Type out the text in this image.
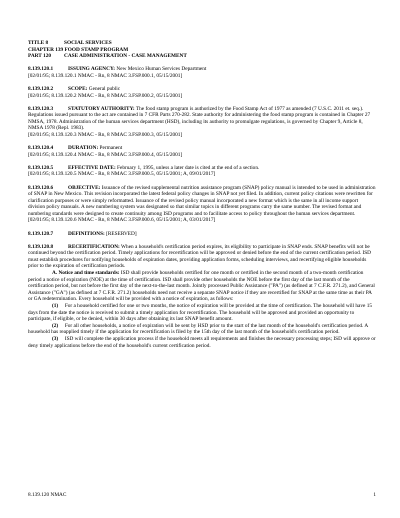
TITLE 8	SOCIAL SERVICES
CHAPTER 139 FOOD STAMP PROGRAM
PART 120 CASE ADMINISTRATION - CASE MANAGEMENT

8.139.120.1	ISSUING AGENCY: New Mexico Human Services Department

[02/01/95; 8.139.120.1 NMAC - Rn, 8 NMAC 3.FSP.000.1, 05/15/2001]

8.139.120.2	SCOPE: General public

[02/01/95; 8.139.120.2 NMAC - Rn, 8 NMAC 3.FSP.000.2, 05/15/2001]

8.139.120.3	STATUTORY AUTHORITY: The food stamp program is authorized by the Food Stamp Act of 1977 as amended (7 U.S.C. 2011 et. seq.). Regulations issued pursuant to the act are contained in 7 CFR Parts 270-282. State authority for administering the food stamp program is contained in Chapter 27 NMSA, 1978. Administration of the human services department (HSD), including its authority to promulgate regulations, is governed by Chapter 9, Article 8, NMSA 1978 (Repl. 1983).

[02/01/95; 8.139.120.3 NMAC - Rn, 8 NMAC 3.FSP.000.3, 05/15/2001]

8.139.120.4	DURATION: Permanent

[02/01/95; 8.139.120.4 NMAC - Rn, 8 NMAC 3.FSP.000.4, 05/15/2001]

8.139.120.5	EFFECTIVE DATE: February 1, 1995, unless a later date is cited at the end of a section.

[02/01/95; 8.139.120.5 NMAC - Rn, 8 NMAC 3.FSP.000.5, 05/15/2001; A, 09/01/2017]

8.139.120.6	OBJECTIVE: Issuance of the revised supplemental nutrition assistance program (SNAP) policy manual is intended to be used in administration of SNAP in New Mexico. This revision incorporated the latest federal policy changes in SNAP not yet filed. In addition, current policy citations were rewritten for clarification purposes or were simply reformatted. Issuance of the revised policy manual incorporated a new format which is the same in all income support division policy manuals. A new numbering system was designated so that similar topics in different programs carry the same number. The revised format and numbering standards were designed to create continuity among ISD programs and to facilitate access to policy throughout the human services department.

[02/01/95; 8.139.120.6 NMAC - Rn, 8 NMAC 3.FSP.000.6, 05/15/2001; A, 03/01/2017]

8.139.120.7	DEFINITIONS: [RESERVED]

8.139.120.8	RECERTIFICATION: When a household's certification period expires, its eligibility to participate in SNAP ends. SNAP benefits will not be continued beyond the certification period. Timely applications for recertification will be approved or denied before the end of the current certification period. ISD must establish procedures for notifying households of expiration dates, providing application forms, scheduling interviews, and recertifying eligible households prior to the expiration of certification periods.

A. Notice and time standards: ISD shall provide households certified for one month or certified in the second month of a two-month certification period a notice of expiration (NOE) at the time of certification. ISD shall provide other households the NOE before the first day of the last month of the certification period, but not before the first day of the next-to-the-last month. Jointly processed Public Assistance ("PA") (as defined at 7 C.F.R. 271.2), and General Assistance ("GA") (as defined at 7 C.F.R. 271.2) households need not receive a separate SNAP notice if they are recertified for SNAP at the same time as their PA or GA redetermination. Every household will be provided with a notice of expiration, as follows:

(1) For a household certified for one or two months, the notice of expiration will be provided at the time of certification. The household will have 15 days from the date the notice is received to submit a timely application for recertification. The household will be approved and provided an opportunity to participate, if eligible, or be denied, within 30 days after obtaining its last SNAP benefit amount.

(2) For all other households, a notice of expiration will be sent by HSD prior to the start of the last month of the household's certification period. A household has reapplied timely if the application for recertification is filed by the 15th day of the last month of the household's certification period.

(3) ISD will complete the application process if the household meets all requirements and finishes the necessary processing steps; ISD will approve or deny timely applications before the end of the household's current certification period.

8.139.120 NMAC	1
